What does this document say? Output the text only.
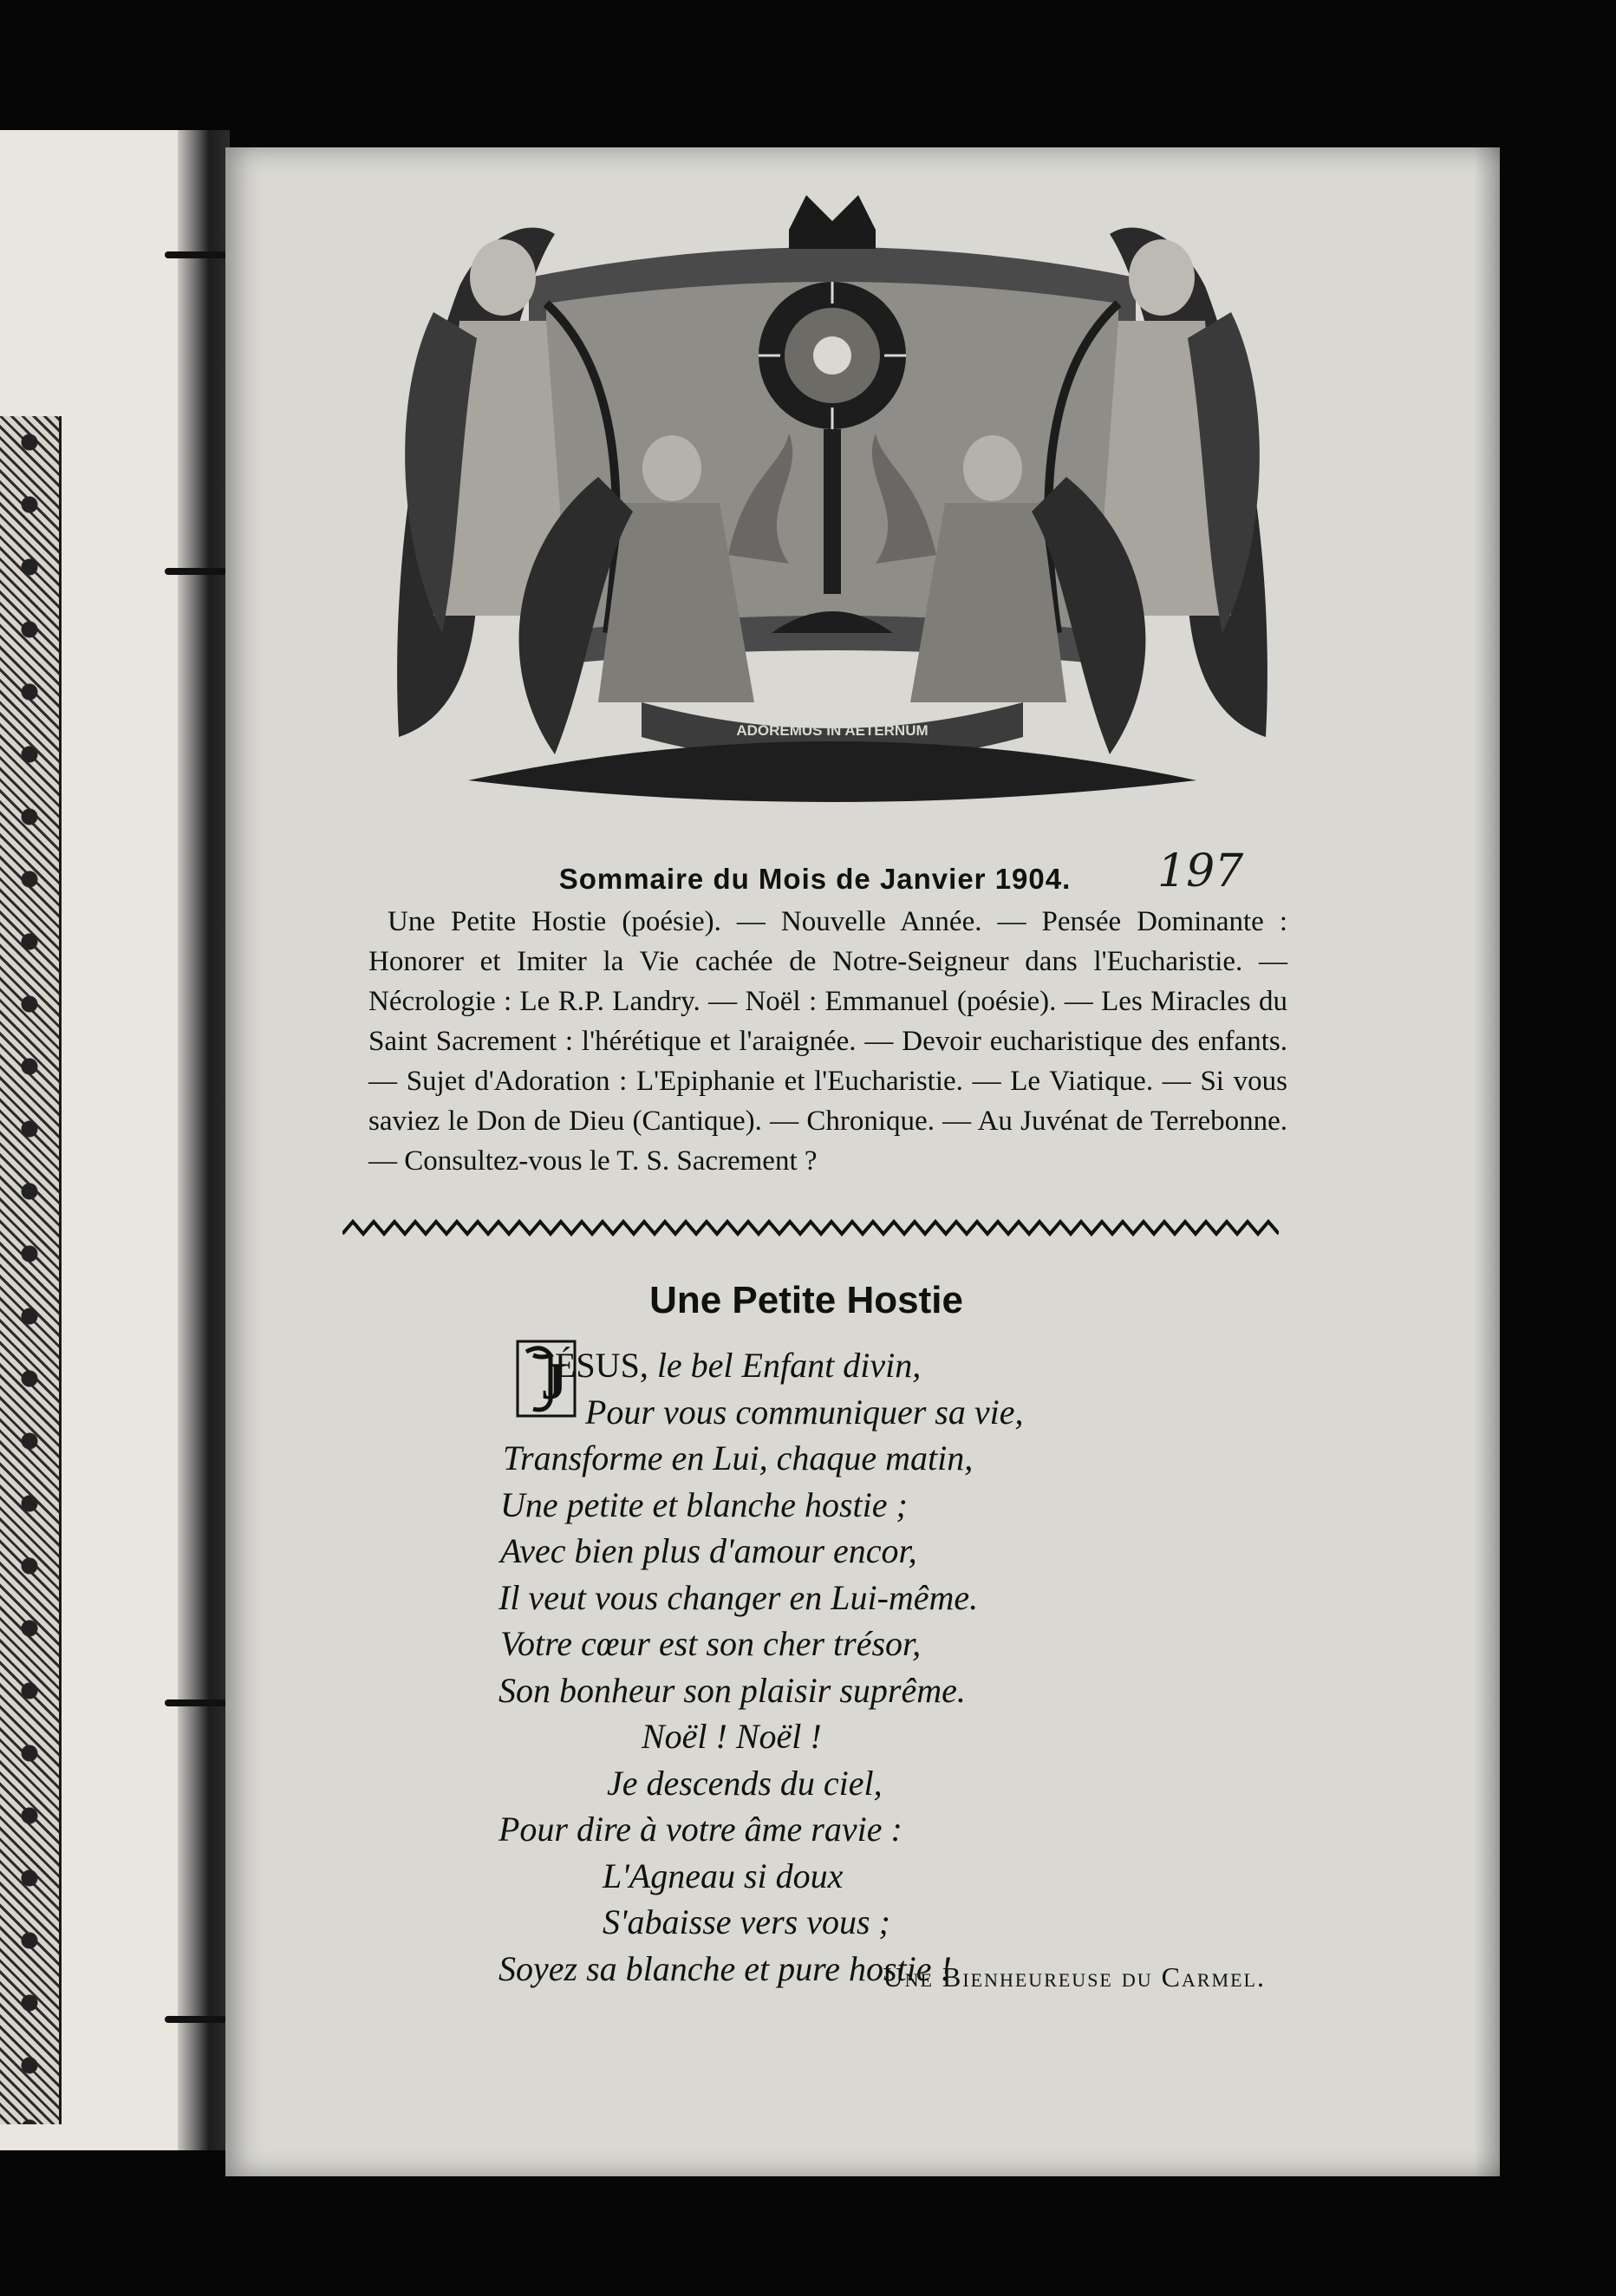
ADOREMUS IN AETERNUM
Sommaire du Mois de Janvier 1904.	197
Une Petite Hostie (poésie). — Nouvelle Année. — Pensée Dominante : Honorer et Imiter la Vie cachée de Notre-Seigneur dans l'Eucharistie. — Nécrologie : Le R.P. Landry. — Noël : Emmanuel (poésie). — Les Miracles du Saint Sacrement : l'hérétique et l'araignée. — Devoir eucharistique des enfants. — Sujet d'Adoration : L'Epiphanie et l'Eucharistie. — Le Viatique. — Si vous saviez le Don de Dieu (Cantique). — Chronique. — Au Juvénat de Terrebonne. — Consultez-vous le T. S. Sacrement ?
Une Petite Hostie
J
ÉSUS, le bel Enfant divin,
Pour vous communiquer sa vie,
Transforme en Lui, chaque matin,
Une petite et blanche hostie ;
Avec bien plus d'amour encor,
Il veut vous changer en Lui-même.
Votre cœur est son cher trésor,
Son bonheur son plaisir suprême.
Noël ! Noël !
Je descends du ciel,
Pour dire à votre âme ravie :
L'Agneau si doux
S'abaisse vers vous ;
Soyez sa blanche et pure hostie !
Une Bienheureuse du Carmel.
